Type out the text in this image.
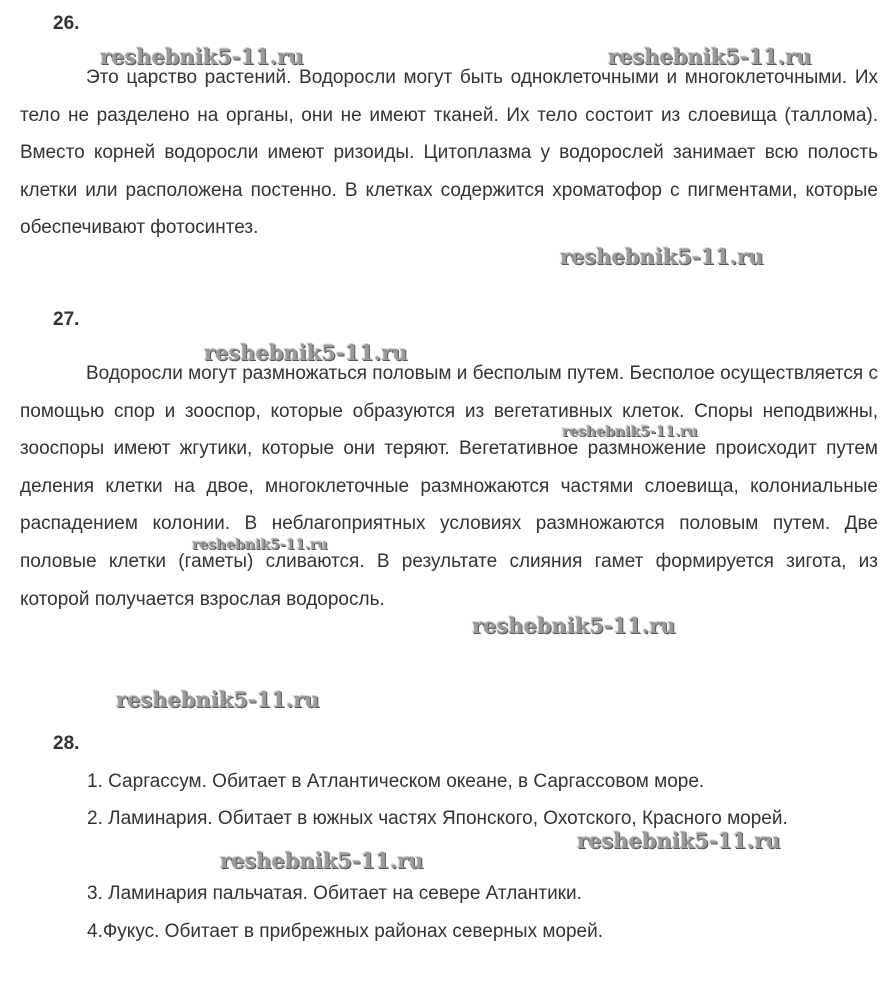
26.

Это царство растений. Водоросли могут быть одноклеточными и многоклеточными. Их тело не разделено на органы, они не имеют тканей. Их тело состоит из слоевища (таллома). Вместо корней водоросли имеют ризоиды. Цитоплазма у водорослей занимает всю полость клетки или расположена постенно. В клетках содержится хроматофор с пигментами, которые обеспечивают фотосинтез.

27.

Водоросли могут размножаться половым и бесполым путем. Бесполое осуществляется с помощью спор и зооспор, которые образуются из вегетативных клеток. Споры неподвижны, зооспоры имеют жгутики, которые они теряют. Вегетативное размножение происходит путем деления клетки на двое, многоклеточные размножаются частями слоевища, колониальные распадением колонии. В неблагоприятных условиях размножаются половым путем. Две половые клетки (гаметы) сливаются. В результате слияния гамет формируется зигота, из которой получается взрослая водоросль.

28.

1. Саргассум. Обитает в Атлантическом океане, в Саргассовом море.

2. Ламинария. Обитает в южных частях Японского, Охотского, Красного морей.

3. Ламинария пальчатая. Обитает на севере Атлантики.

4.Фукус. Обитает в прибрежных районах северных морей.

reshebnik5-11.ru	reshebnik5-11.ru
reshebnik5-11.ru
reshebnik5-11.ru
reshebnik5-11.ru
reshebnik5-11.ru
reshebnik5-11.ru
reshebnik5-11.ru
reshebnik5-11.ru
reshebnik5-11.ru
